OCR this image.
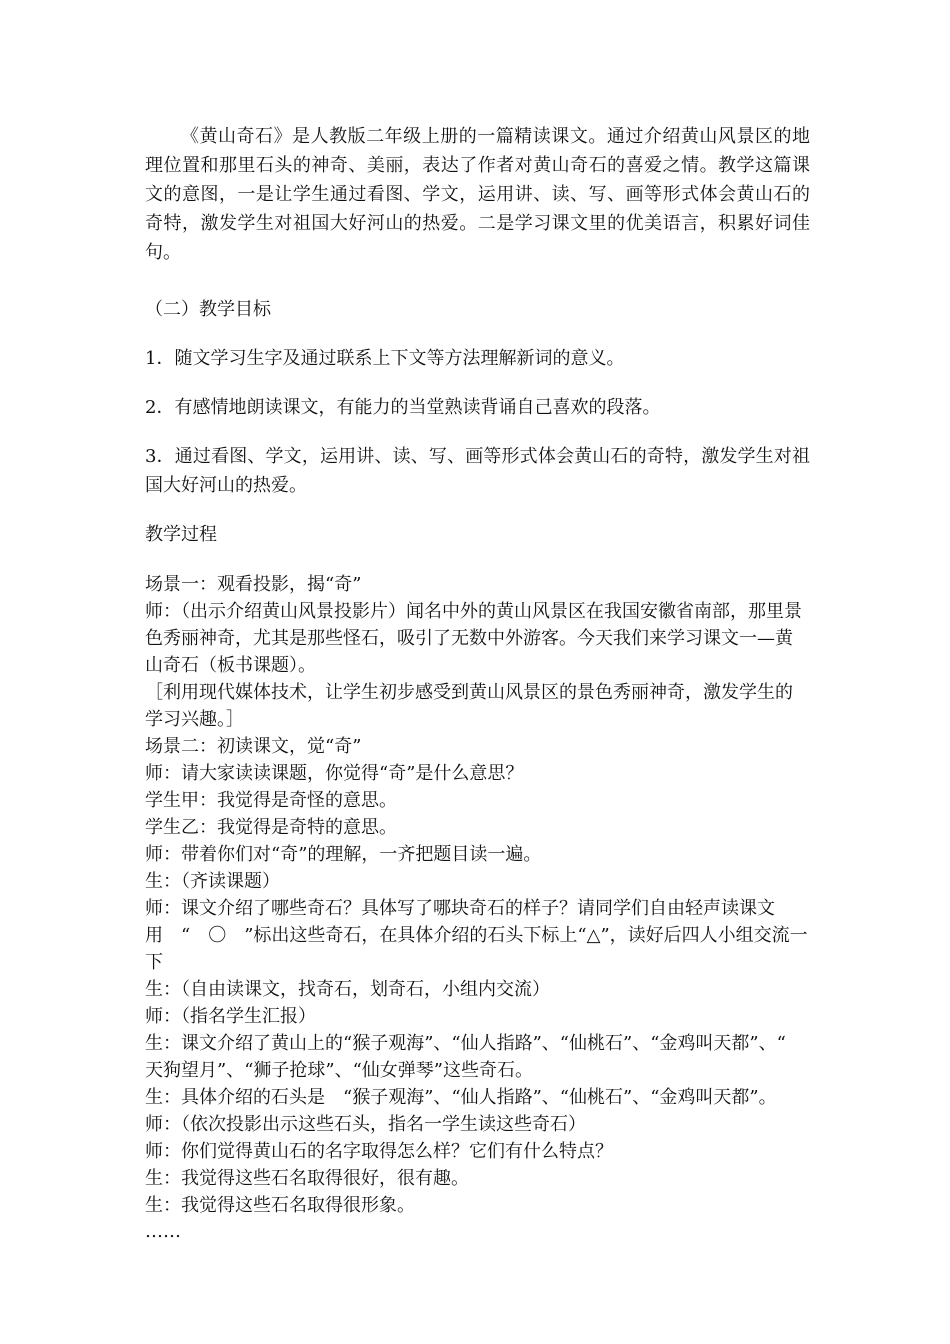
《黄山奇石》是人教版二年级上册的一篇精读课文。通过介绍黄山风景区的地理位置和那里石头的神奇、美丽，表达了作者对黄山奇石的喜爱之情。教学这篇课文的意图，一是让学生通过看图、学文，运用讲、读、写、画等形式体会黄山石的奇特，激发学生对祖国大好河山的热爱。二是学习课文里的优美语言，积累好词佳句。

（二）教学目标

1．随文学习生字及通过联系上下文等方法理解新词的意义。

2．有感情地朗读课文，有能力的当堂熟读背诵自己喜欢的段落。

3．通过看图、学文，运用讲、读、写、画等形式体会黄山石的奇特，激发学生对祖国大好河山的热爱。

教学过程

场景一：观看投影，揭“奇”

师：（出示介绍黄山风景投影片）闻名中外的黄山风景区在我国安徽省南部，那里景色秀丽神奇，尤其是那些怪石，吸引了无数中外游客。今天我们来学习课文一—黄山奇石（板书课题）。

［利用现代媒体技术，让学生初步感受到黄山风景区的景色秀丽神奇，激发学生的学习兴趣。］

场景二：初读课文，觉“奇”

师：请大家读读课题，你觉得“奇”是什么意思？

学生甲：我觉得是奇怪的意思。

学生乙：我觉得是奇特的意思。

师：带着你们对“奇”的理解，一齐把题目读一遍。

生：（齐读课题）

师：课文介绍了哪些奇石？具体写了哪块奇石的样子？请同学们自由轻声读课文用　“　〇　”标出这些奇石，在具体介绍的石头下标上“△”，读好后四人小组交流一下

生：（自由读课文，找奇石，划奇石，小组内交流）

师：（指名学生汇报）

生：课文介绍了黄山上的“猴子观海”、“仙人指路”、“仙桃石”、“金鸡叫天都”、“　天狗望月”、“狮子抢球”、“仙女弹琴”这些奇石。

生：具体介绍的石头是　“猴子观海”、“仙人指路”、“仙桃石”、“金鸡叫天都”。

师：（依次投影出示这些石头，指名一学生读这些奇石）

师：你们觉得黄山石的名字取得怎么样？它们有什么特点？

生：我觉得这些石名取得很好，很有趣。

生：我觉得这些石名取得很形象。

……
